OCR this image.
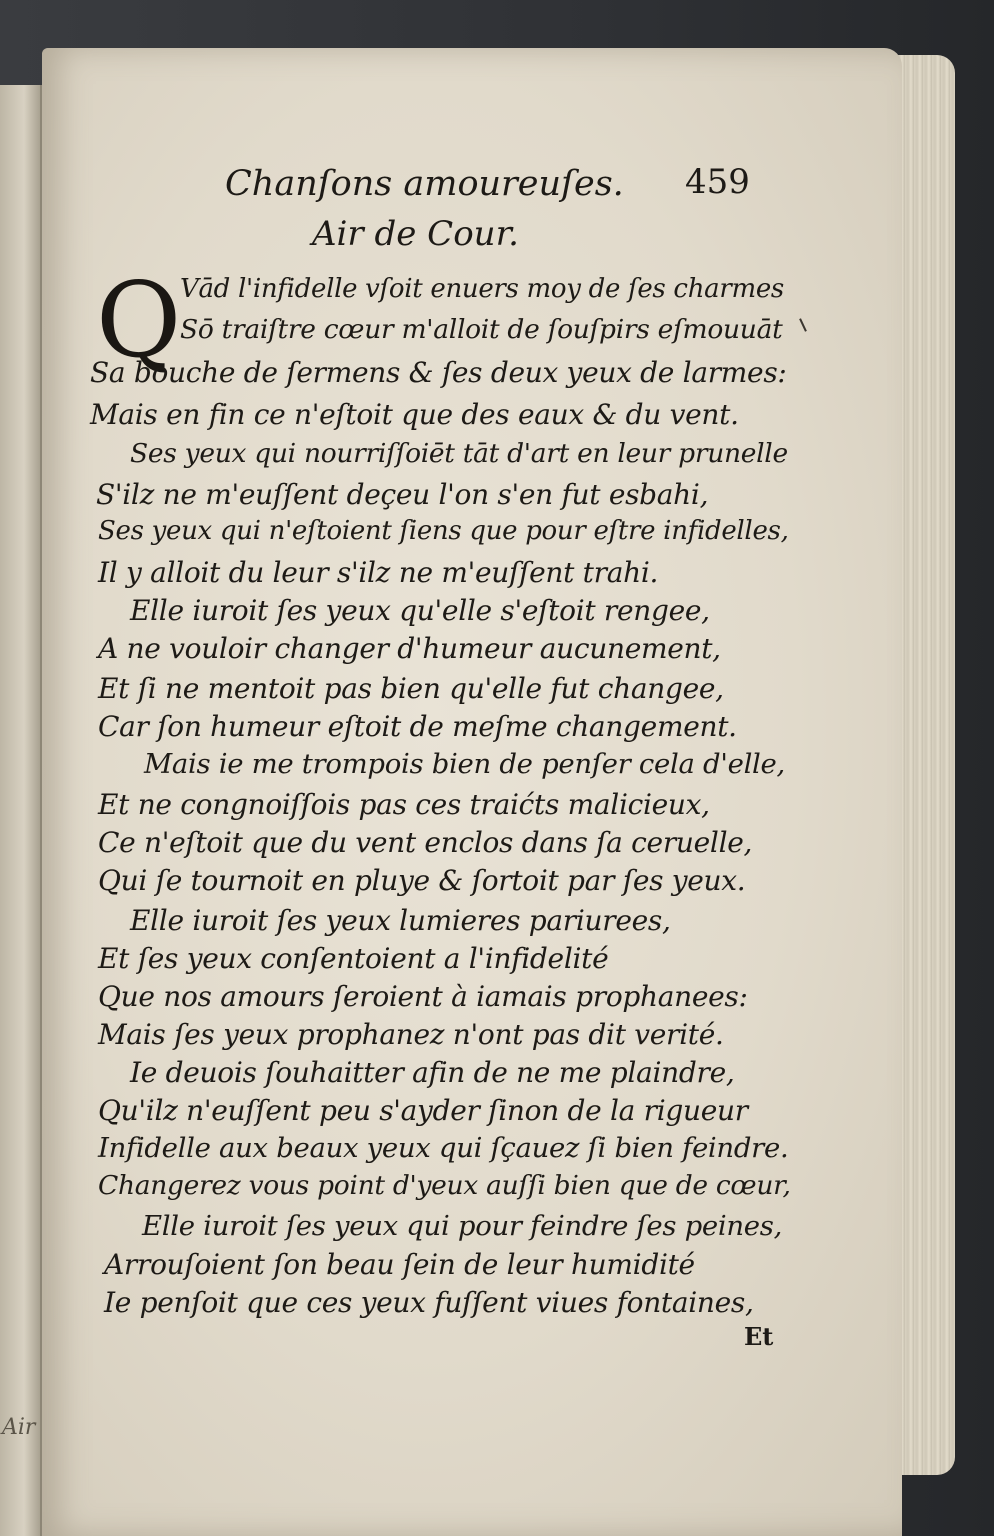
Air
Chanſons amoureuſes. 459
Air de Cour.
Q
Vād l'infidelle vſoit enuers moy de ſes charmes
Sō traiſtre cœur m'alloit de ſouſpirs eſmouuāt
Sa bouche de ſermens & ſes deux yeux de larmes:
Mais en fin ce n'eſtoit que des eaux & du vent.
Ses yeux qui nourriſſoiēt tāt d'art en leur prunelle
S'ilz ne m'euſſent deçeu l'on s'en fut esbahi,
Ses yeux qui n'eſtoient ſiens que pour eſtre infidelles,
Il y alloit du leur s'ilz ne m'euſſent trahi.
Elle iuroit ſes yeux qu'elle s'eſtoit rengee,
A ne vouloir changer d'humeur aucunement,
Et ſi ne mentoit pas bien qu'elle fut changee,
Car ſon humeur eſtoit de meſme changement.
Mais ie me trompois bien de penſer cela d'elle,
Et ne congnoiſſois pas ces traićts malicieux,
Ce n'eſtoit que du vent enclos dans ſa ceruelle,
Qui ſe tournoit en pluye & ſortoit par ſes yeux.
Elle iuroit ſes yeux lumieres pariurees,
Et ſes yeux conſentoient a l'infidelité
Que nos amours ſeroient à iamais prophanees:
Mais ſes yeux prophanez n'ont pas dit verité.
Ie deuois ſouhaitter afin de ne me plaindre,
Qu'ilz n'euſſent peu s'ayder ſinon de la rigueur
Infidelle aux beaux yeux qui ſçauez ſi bien feindre.
Changerez vous point d'yeux auſſi bien que de cœur,
Elle iuroit ſes yeux qui pour feindre ſes peines,
Arrouſoient ſon beau ſein de leur humidité
Ie penſoit que ces yeux fuſſent viues fontaines,
Et
